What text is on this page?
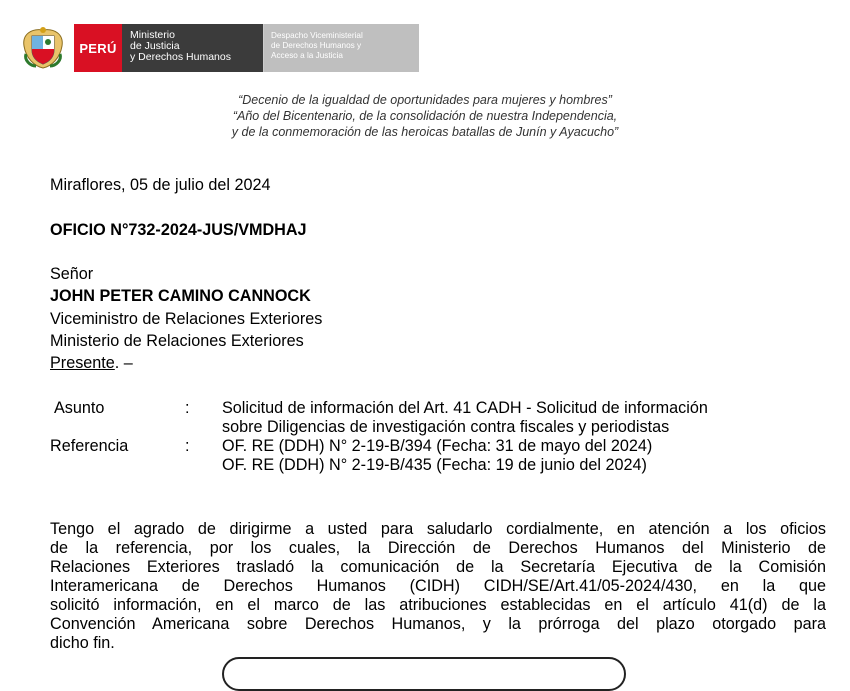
PERÚ
Ministerio
de Justicia
y Derechos Humanos
Despacho Viceministerial
de Derechos Humanos y
Acceso a la Justicia
“Decenio de la igualdad de oportunidades para mujeres y hombres”
“Año del Bicentenario, de la consolidación de nuestra Independencia,
y de la conmemoración de las heroicas batallas de Junín y Ayacucho”
Miraflores, 05 de julio del 2024
OFICIO N°732-2024-JUS/VMDHAJ
Señor
JOHN PETER CAMINO CANNOCK
Viceministro de Relaciones Exteriores
Ministerio de Relaciones Exteriores
Presente. –
Asunto	: Solicitud de información del Art. 41 CADH - Solicitud de información
sobre Diligencias de investigación contra fiscales y periodistas
Referencia	: OF. RE (DDH) N° 2-19-B/394 (Fecha: 31 de mayo del 2024)
OF. RE (DDH) N° 2-19-B/435 (Fecha: 19 de junio del 2024)
Tengo el agrado de dirigirme a usted para saludarlo cordialmente, en atención a los oficios
de la referencia, por los cuales, la Dirección de Derechos Humanos del Ministerio de
Relaciones Exteriores trasladó la comunicación de la Secretaría Ejecutiva de la Comisión
Interamericana de Derechos Humanos (CIDH) CIDH/SE/Art.41/05-2024/430, en la que
solicitó información, en el marco de las atribuciones establecidas en el artículo 41(d) de la
Convención Americana sobre Derechos Humanos, y la prórroga del plazo otorgado para
dicho fin.
